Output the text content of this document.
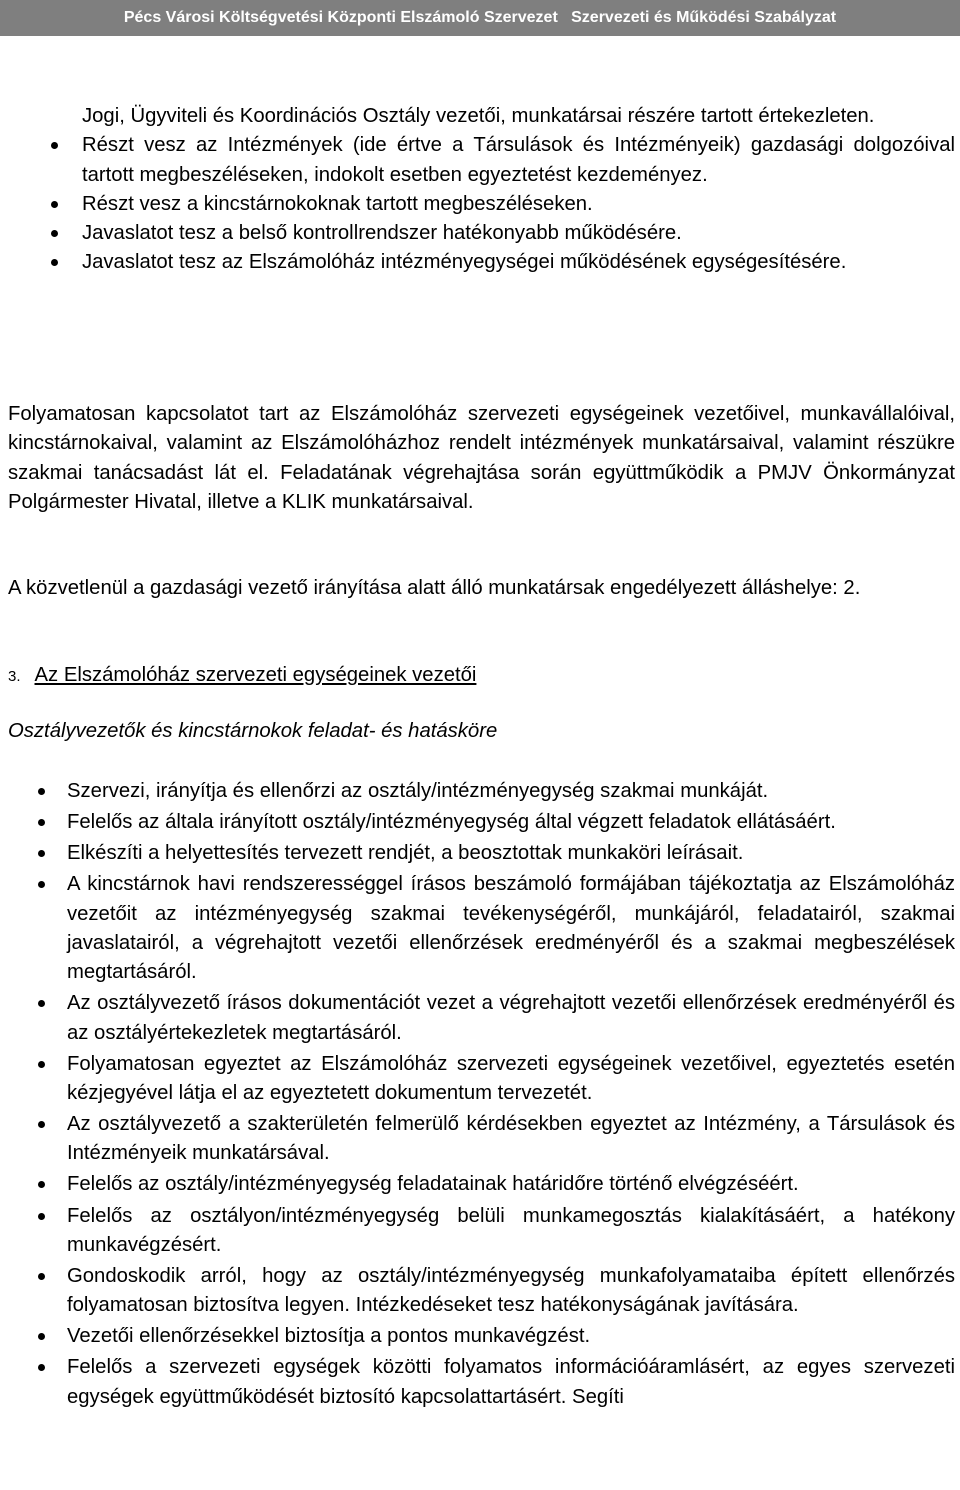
Pécs Városi Költségvetési Központi Elszámoló Szervezet   Szervezeti és Működési Szabályzat

Jogi, Ügyviteli és Koordinációs Osztály vezetői, munkatársai részére tartott értekezleten.

Részt vesz az Intézmények (ide értve a Társulások és Intézményeik) gazdasági dolgozóival tartott megbeszéléseken, indokolt esetben egyeztetést kezdeményez.

Részt vesz a kincstárnokoknak tartott megbeszéléseken.

Javaslatot tesz a belső kontrollrendszer hatékonyabb működésére.

Javaslatot tesz az Elszámolóház intézményegységei működésének egységesítésére.

Folyamatosan kapcsolatot tart az Elszámolóház szervezeti egységeinek vezetőivel, munkavállalóival, kincstárnokaival, valamint az Elszámolóházhoz rendelt intézmények munkatársaival, valamint részükre szakmai tanácsadást lát el. Feladatának végrehajtása során együttműködik a PMJV Önkormányzat Polgármester Hivatal, illetve a KLIK munkatársaival.
A közvetlenül a gazdasági vezető irányítása alatt álló munkatársak engedélyezett álláshelye: 2.
3. Az Elszámolóház szervezeti egységeinek vezetői
Osztályvezetők és kincstárnokok feladat- és hatásköre

Szervezi, irányítja és ellenőrzi az osztály/intézményegység szakmai munkáját.

Felelős az általa irányított osztály/intézményegység által végzett feladatok ellátásáért.

Elkészíti a helyettesítés tervezett rendjét, a beosztottak munkaköri leírásait.

A kincstárnok havi rendszerességgel írásos beszámoló formájában tájékoztatja az Elszámolóház vezetőit az intézményegység szakmai tevékenységéről, munkájáról, feladatairól, szakmai javaslatairól, a végrehajtott vezetői ellenőrzések eredményéről és a szakmai megbeszélések megtartásáról.

Az osztályvezető írásos dokumentációt vezet a végrehajtott vezetői ellenőrzések eredményéről és az osztályértekezletek megtartásáról.

Folyamatosan egyeztet az Elszámolóház szervezeti egységeinek vezetőivel, egyeztetés esetén kézjegyével látja el az egyeztetett dokumentum tervezetét.

Az osztályvezető a szakterületén felmerülő kérdésekben egyeztet az Intézmény, a Társulások és Intézményeik munkatársával.

Felelős az osztály/intézményegység feladatainak határidőre történő elvégzéséért.

Felelős az osztályon/intézményegység belüli munkamegosztás kialakításáért, a hatékony munkavégzésért.

Gondoskodik arról, hogy az osztály/intézményegység munkafolyamataiba épített ellenőrzés folyamatosan biztosítva legyen. Intézkedéseket tesz hatékonyságának javítására.

Vezetői ellenőrzésekkel biztosítja a pontos munkavégzést.

Felelős a szervezeti egységek közötti folyamatos információáramlásért, az egyes szervezeti egységek együttműködését biztosító kapcsolattartásért. Segíti
